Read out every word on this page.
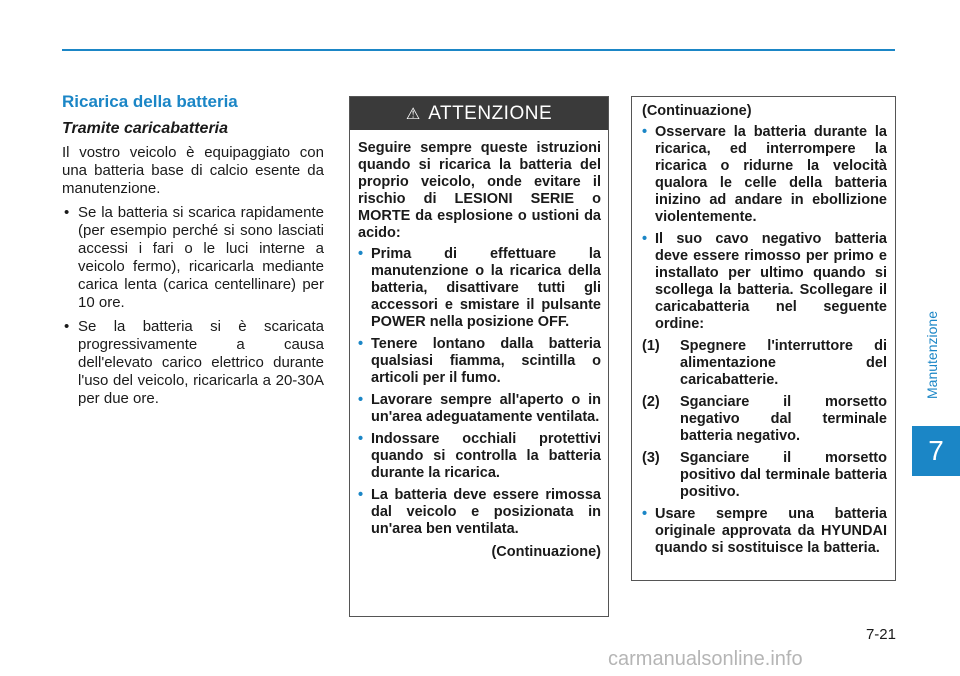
Manutenzione
7
Ricarica della batteria
Tramite caricabatteria

Il vostro veicolo è equipaggiato con una batteria base di calcio esente da manutenzione.

• Se la batteria si scarica rapidamente (per esempio perché si sono lasciati accessi i fari o le luci interne a veicolo fermo), ricaricarla mediante carica lenta (carica centellinare) per 10 ore.
• Se la batteria si è scaricata progressivamente a causa dell'elevato carico elettrico durante l'uso del veicolo, ricaricarla a 20-30A per due ore.
⚠ ATTENZIONE

Seguire sempre queste istruzioni quando si ricarica la batteria del proprio veicolo, onde evitare il rischio di LESIONI SERIE o MORTE da esplosione o ustioni da acido:

• Prima di effettuare la manutenzione o la ricarica della batteria, disattivare tutti gli accessori e smistare il pulsante POWER nella posizione OFF.
• Tenere lontano dalla batteria qualsiasi fiamma, scintilla o articoli per il fumo.
• Lavorare sempre all'aperto o in un'area adeguatamente ventilata.
• Indossare occhiali protettivi quando si controlla la batteria durante la ricarica.
• La batteria deve essere rimossa dal veicolo e posizionata in un'area ben ventilata.
(Continuazione)

(Continuazione)

• Osservare la batteria durante la ricarica, ed interrompere la ricarica o ridurne la velocità qualora le celle della batteria inizino ad andare in ebollizione violentemente.
• Il suo cavo negativo batteria deve essere rimosso per primo e installato per ultimo quando si scollega la batteria. Scollegare il caricabatteria nel seguente ordine:
(1) Spegnere l'interruttore di alimentazione del caricabatterie.
(2) Sganciare il morsetto negativo dal terminale batteria negativo.
(3) Sganciare il morsetto positivo dal terminale batteria positivo.
• Usare sempre una batteria originale approvata da HYUNDAI quando si sostituisce la batteria.
7-21
carmanualsonline.info
